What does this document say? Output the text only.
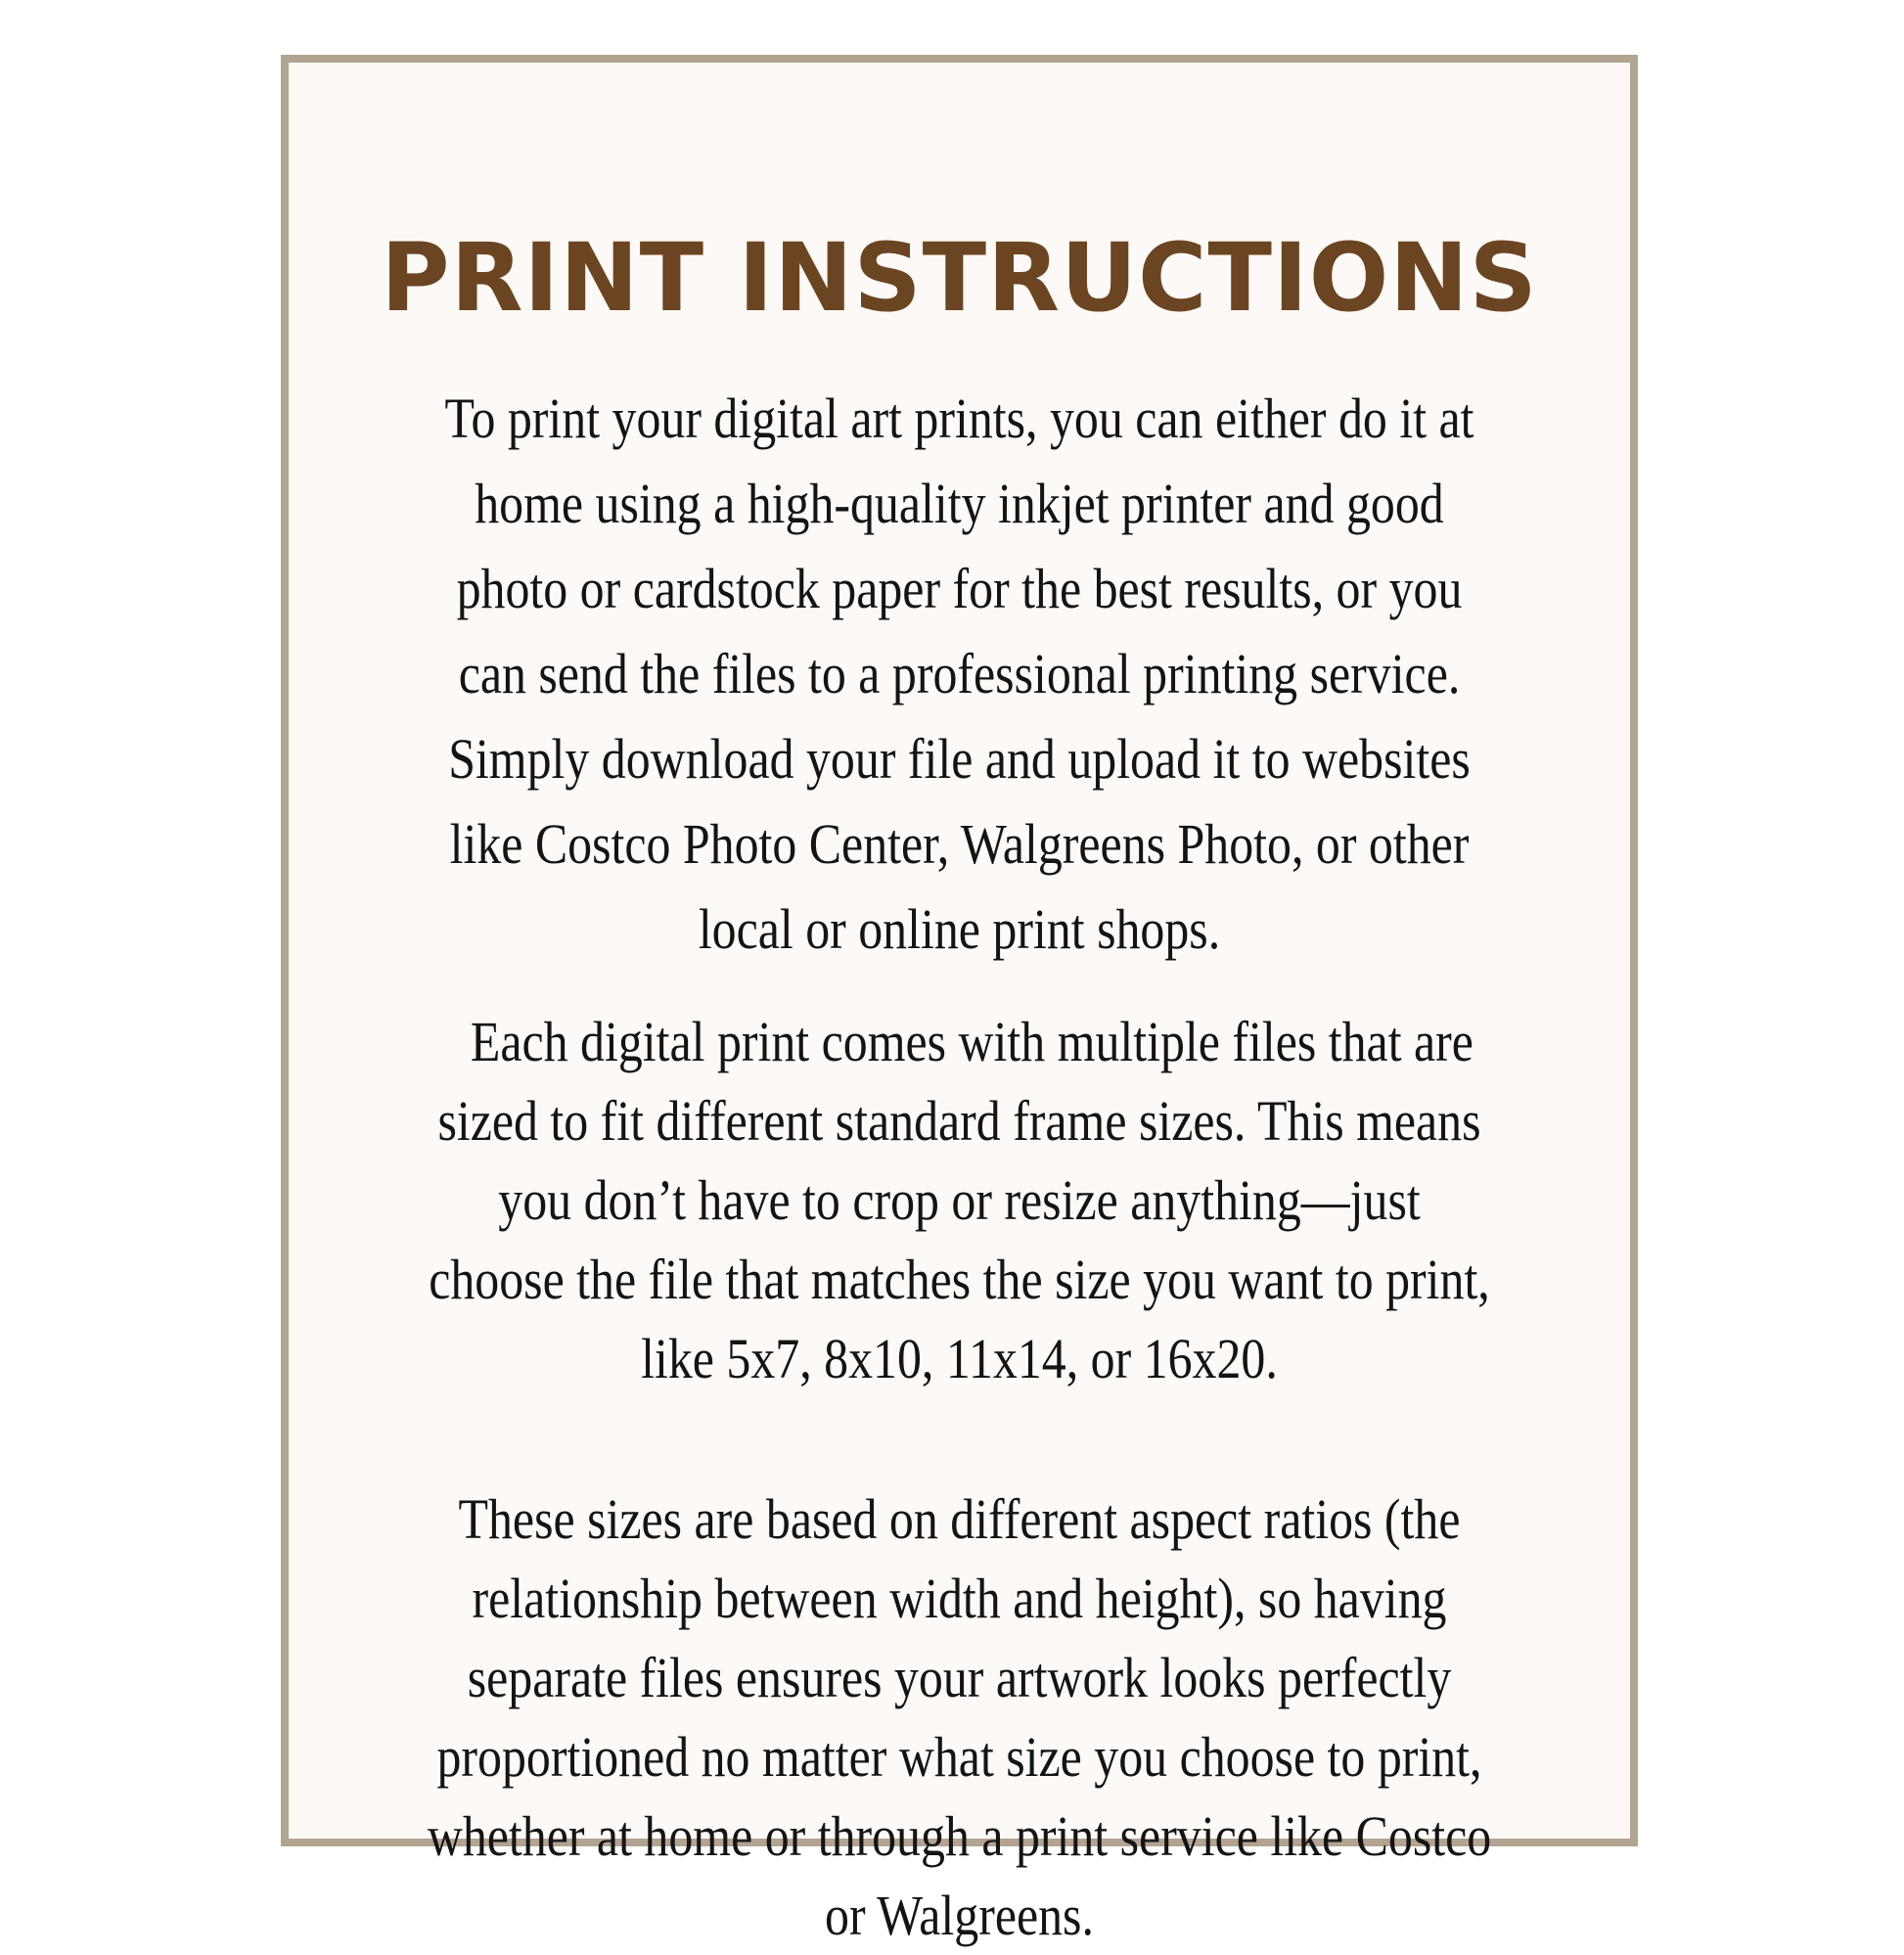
PRINT INSTRUCTIONS

To print your digital art prints, you can either do it at home using a high-quality inkjet printer and good photo or cardstock paper for the best results, or you can send the files to a professional printing service. Simply download your file and upload it to websites like Costco Photo Center, Walgreens Photo, or other local or online print shops.

Each digital print comes with multiple files that are sized to fit different standard frame sizes. This means you don’t have to crop or resize anything—just choose the file that matches the size you want to print, like 5x7, 8x10, 11x14, or 16x20.

These sizes are based on different aspect ratios (the relationship between width and height), so having separate files ensures your artwork looks perfectly proportioned no matter what size you choose to print, whether at home or through a print service like Costco or Walgreens.
